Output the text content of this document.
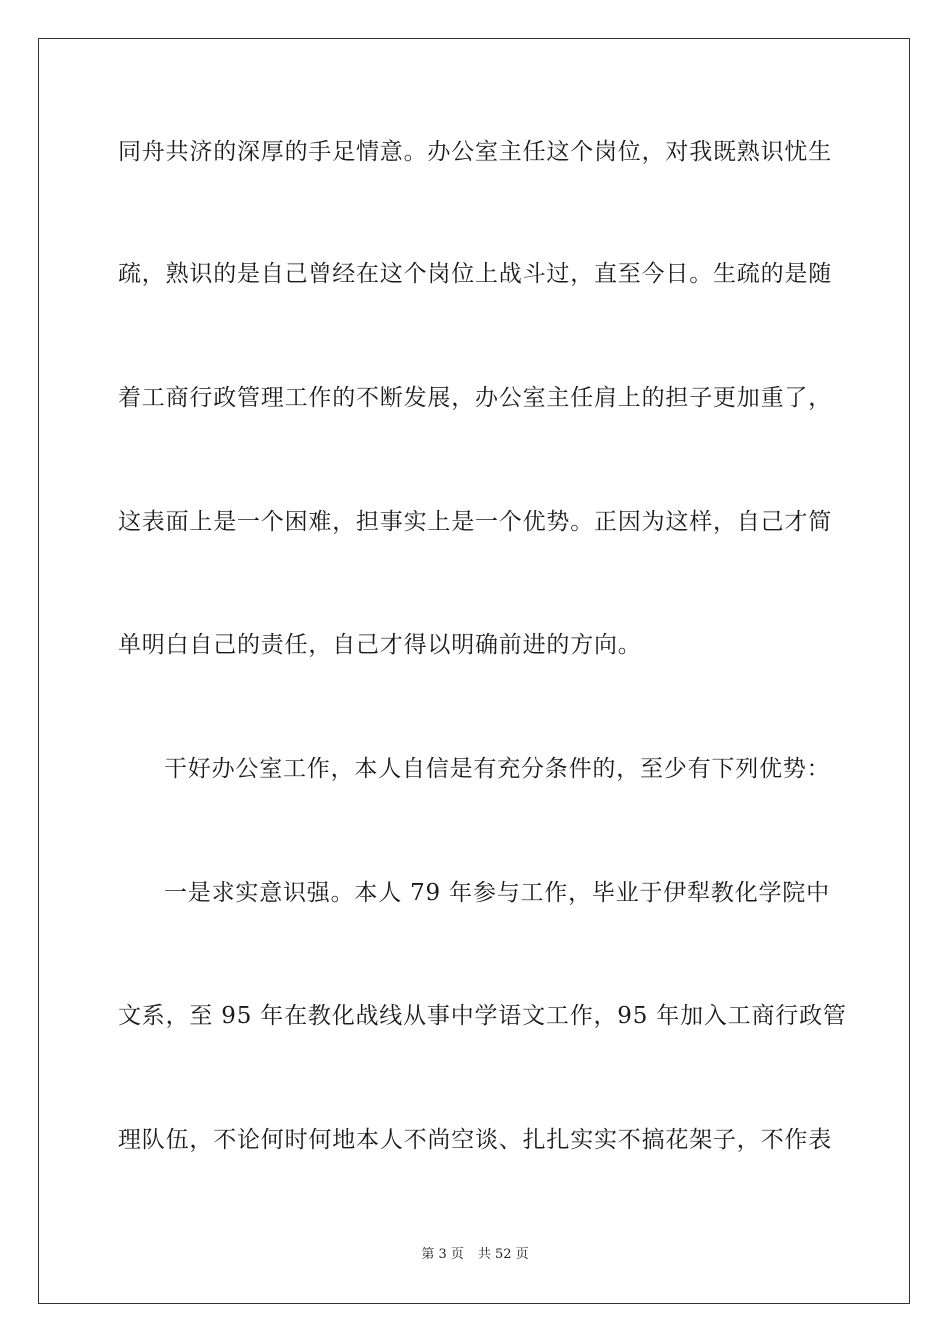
同舟共济的深厚的手足情意。办公室主任这个岗位，对我既熟识忧生
疏，熟识的是自己曾经在这个岗位上战斗过，直至今日。生疏的是随
着工商行政管理工作的不断发展，办公室主任肩上的担子更加重了，
这表面上是一个困难，担事实上是一个优势。正因为这样，自己才简
单明白自己的责任，自己才得以明确前进的方向。
干好办公室工作，本人自信是有充分条件的，至少有下列优势：
一是求实意识强。本人 79 年参与工作，毕业于伊犁教化学院中
文系，至 95 年在教化战线从事中学语文工作，95 年加入工商行政管
理队伍，不论何时何地本人不尚空谈、扎扎实实不搞花架子，不作表
第 3 页 共 52 页
